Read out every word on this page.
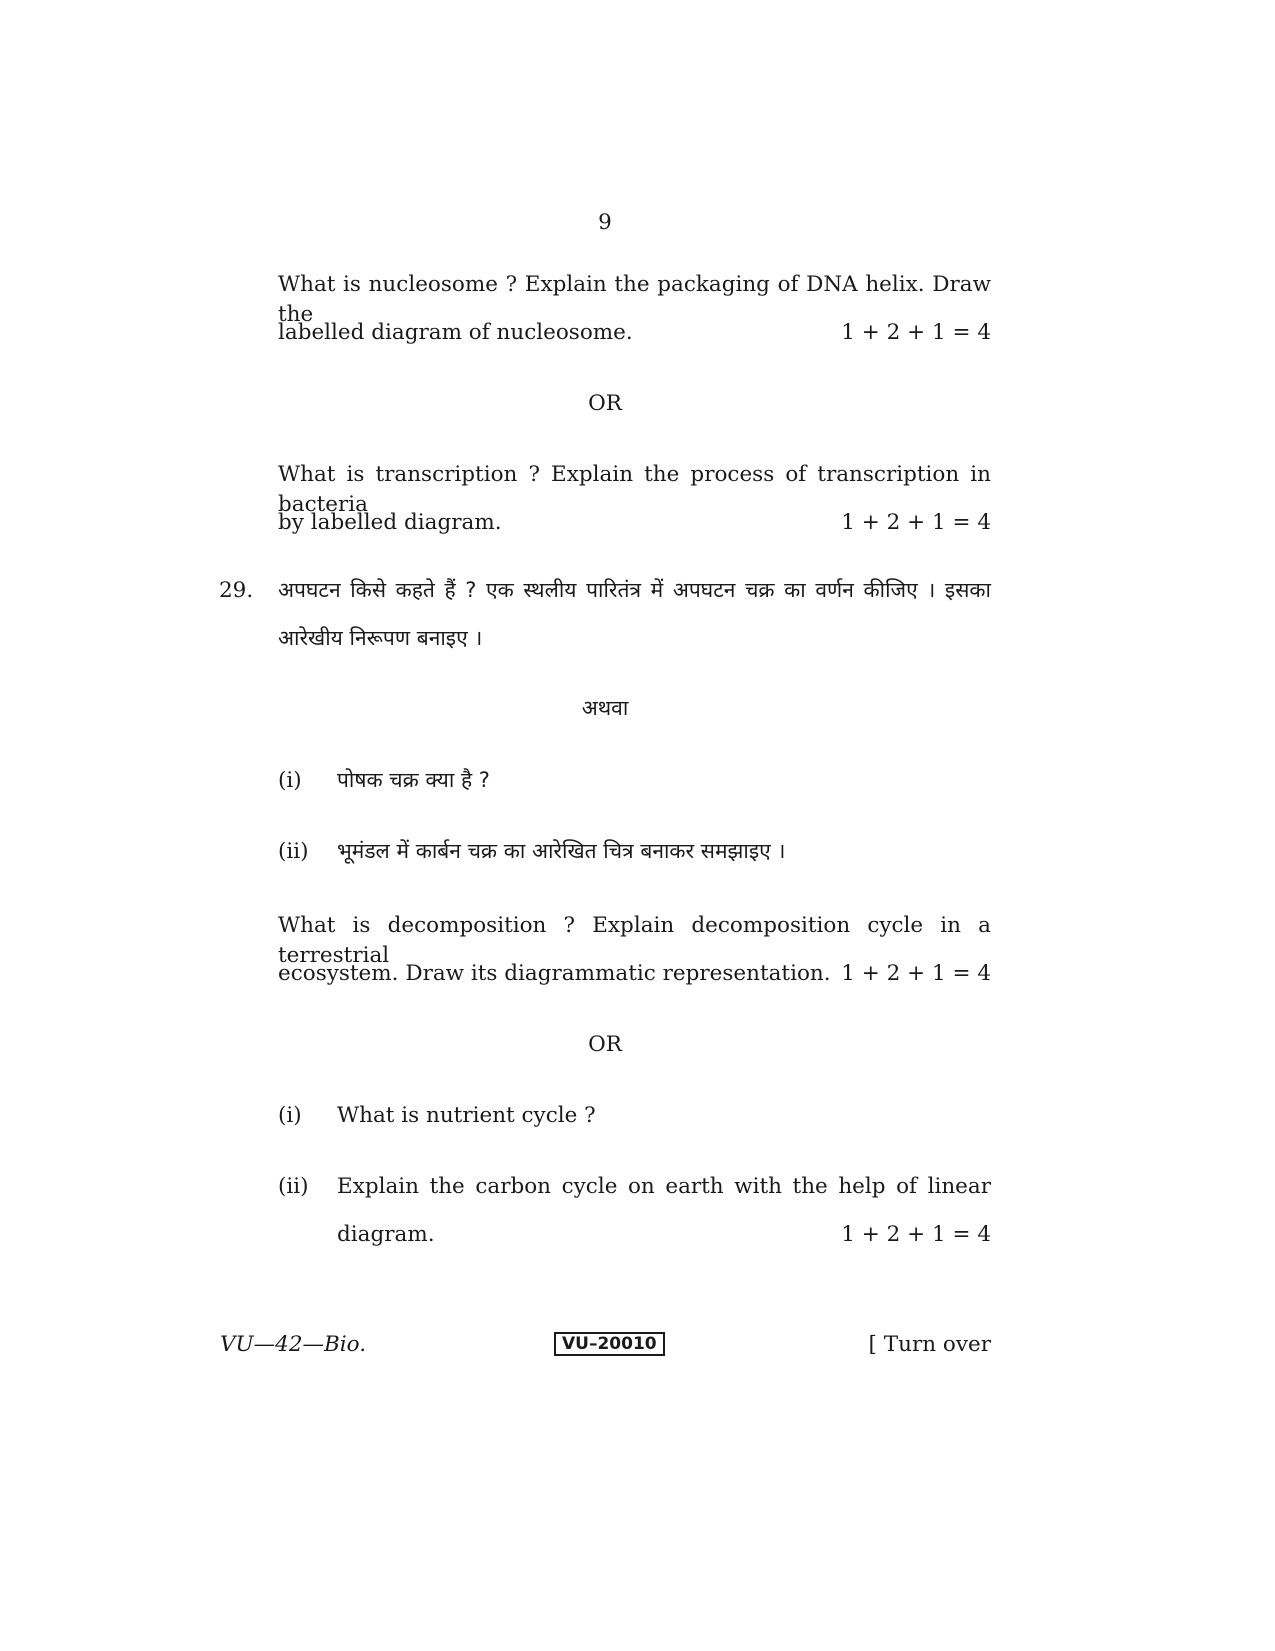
9
What is nucleosome ? Explain the packaging of DNA helix. Draw the
labelled diagram of nucleosome.	1 + 2 + 1 = 4
OR
What is transcription ? Explain the process of transcription in bacteria
by labelled diagram.	1 + 2 + 1 = 4
29. अपघटन किसे कहते हैं ? एक स्थलीय पारितंत्र में अपघटन चक्र का वर्णन कीजिए । इसका
आरेखीय निरूपण बनाइए ।
अथवा
(i) पोषक चक्र क्या है ?
(ii) भूमंडल में कार्बन चक्र का आरेखित चित्र बनाकर समझाइए ।
What is decomposition ? Explain decomposition cycle in a terrestrial
ecosystem. Draw its diagrammatic representation. 1 + 2 + 1 = 4
OR
(i) What is nutrient cycle ?
(ii) Explain the carbon cycle on earth with the help of linear
diagram.	1 + 2 + 1 = 4
VU—42—Bio.	VU–20010	[ Turn over
